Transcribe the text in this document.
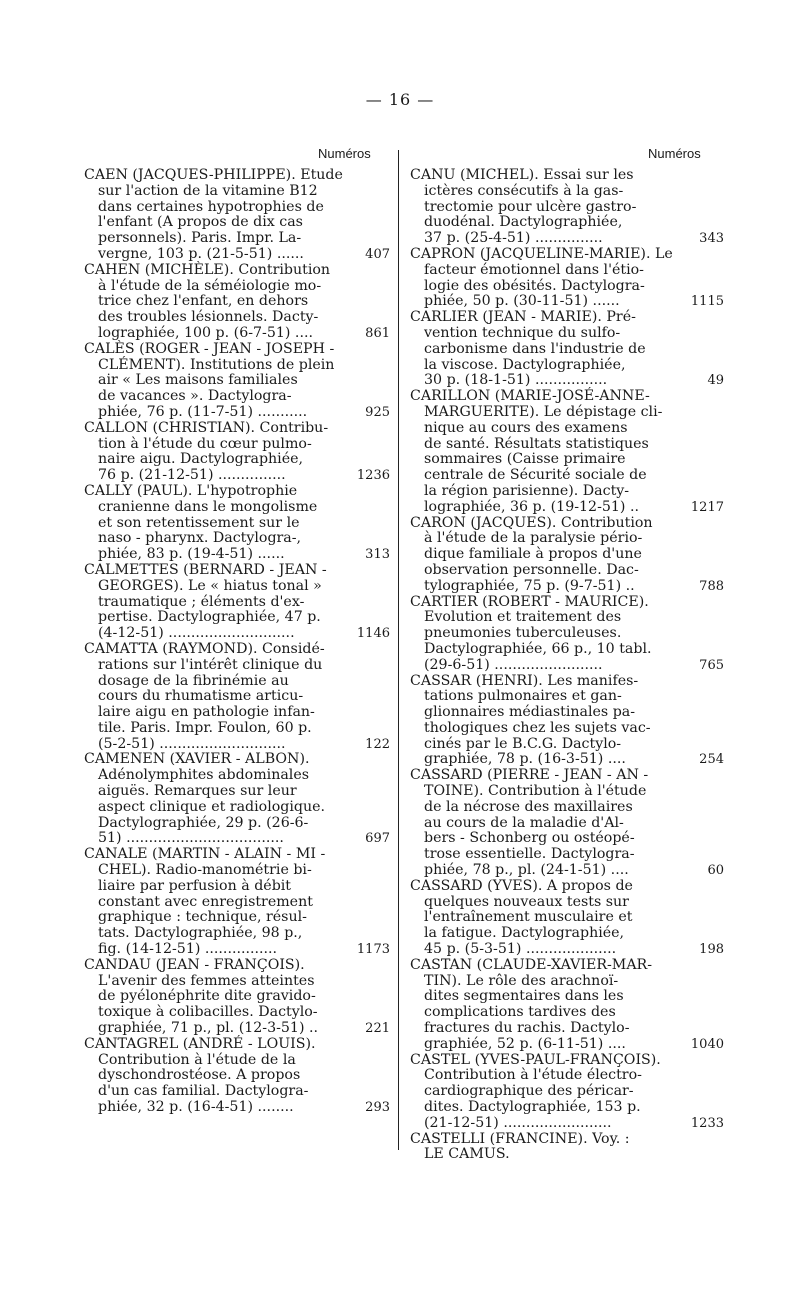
— 16 —
Numéros	Numéros
CAEN (JACQUES-PHILIPPE). Etude
sur l'action de la vitamine B12
dans certaines hypotrophies de
l'enfant (A propos de dix cas
personnels). Paris. Impr. La-
vergne, 103 p. (21-5-51) ......	407
CAHEN (MICHÈLE). Contribution
à l'étude de la séméiologie mo-
trice chez l'enfant, en dehors
des troubles lésionnels. Dacty-
lographiée, 100 p. (6-7-51) ....	861
CALÈS (ROGER - JEAN - JOSEPH -
CLÉMENT). Institutions de plein
air « Les maisons familiales
de vacances ». Dactylogra-
phiée, 76 p. (11-7-51) ...........	925
CALLON (CHRISTIAN). Contribu-
tion à l'étude du cœur pulmo-
naire aigu. Dactylographiée,
76 p. (21-12-51) ...............	1236
CALLY (PAUL). L'hypotrophie
cranienne dans le mongolisme
et son retentissement sur le
naso - pharynx. Dactylogra-,
phiée, 83 p. (19-4-51) ......	313
CALMETTES (BERNARD - JEAN -
GEORGES). Le « hiatus tonal »
traumatique ; éléments d'ex-
pertise. Dactylographiée, 47 p.
(4-12-51) ............................	1146
CAMATTA (RAYMOND). Considé-
rations sur l'intérêt clinique du
dosage de la fibrinémie au
cours du rhumatisme articu-
laire aigu en pathologie infan-
tile. Paris. Impr. Foulon, 60 p.
(5-2-51) ............................	122
CAMENEN (XAVIER - ALBON).
Adénolymphites abdominales
aiguës. Remarques sur leur
aspect clinique et radiologique.
Dactylographiée, 29 p. (26-6-
51) ...................................	697
CANALE (MARTIN - ALAIN - MI -
CHEL). Radio-manométrie bi-
liaire par perfusion à débit
constant avec enregistrement
graphique : technique, résul-
tats. Dactylographiée, 98 p.,
fig. (14-12-51) ................	1173
CANDAU (JEAN - FRANÇOIS).
L'avenir des femmes atteintes
de pyélonéphrite dite gravido-
toxique à colibacilles. Dactylo-
graphiée, 71 p., pl. (12-3-51) ..	221
CANTAGREL (ANDRÉ - LOUIS).
Contribution à l'étude de la
dyschondrostéose. A propos
d'un cas familial. Dactylogra-
phiée, 32 p. (16-4-51) ........	293
CANU (MICHEL). Essai sur les
ictères consécutifs à la gas-
trectomie pour ulcère gastro-
duodénal. Dactylographiée,
37 p. (25-4-51) ...............	343
CAPRON (JACQUELINE-MARIE). Le
facteur émotionnel dans l'étio-
logie des obésités. Dactylogra-
phiée, 50 p. (30-11-51) ......	1115
CARLIER (JEAN - MARIE). Pré-
vention technique du sulfo-
carbonisme dans l'industrie de
la viscose. Dactylographiée,
30 p. (18-1-51) ................	49
CARILLON (MARIE-JOSÉ-ANNE-
MARGUERITE). Le dépistage cli-
nique au cours des examens
de santé. Résultats statistiques
sommaires (Caisse primaire
centrale de Sécurité sociale de
la région parisienne). Dacty-
lographiée, 36 p. (19-12-51) ..	1217
CARON (JACQUES). Contribution
à l'étude de la paralysie pério-
dique familiale à propos d'une
observation personnelle. Dac-
tylographiée, 75 p. (9-7-51) ..	788
CARTIER (ROBERT - MAURICE).
Evolution et traitement des
pneumonies tuberculeuses.
Dactylographiée, 66 p., 10 tabl.
(29-6-51) ........................	765
CASSAR (HENRI). Les manifes-
tations pulmonaires et gan-
glionnaires médiastinales pa-
thologiques chez les sujets vac-
cinés par le B.C.G. Dactylo-
graphiée, 78 p. (16-3-51) ....	254
CASSARD (PIERRE - JEAN - AN -
TOINE). Contribution à l'étude
de la nécrose des maxillaires
au cours de la maladie d'Al-
bers - Schonberg ou ostéopé-
trose essentielle. Dactylogra-
phiée, 78 p., pl. (24-1-51) ....	60
CASSARD (YVES). A propos de
quelques nouveaux tests sur
l'entraînement musculaire et
la fatigue. Dactylographiée,
45 p. (5-3-51) ....................	198
CASTAN (CLAUDE-XAVIER-MAR-
TIN). Le rôle des arachnoï-
dites segmentaires dans les
complications tardives des
fractures du rachis. Dactylo-
graphiée, 52 p. (6-11-51) ....	1040
CASTEL (YVES-PAUL-FRANÇOIS).
Contribution à l'étude électro-
cardiographique des péricar-
dites. Dactylographiée, 153 p.
(21-12-51) ........................	1233
CASTELLI (FRANCINE). Voy. :
LE CAMUS.
